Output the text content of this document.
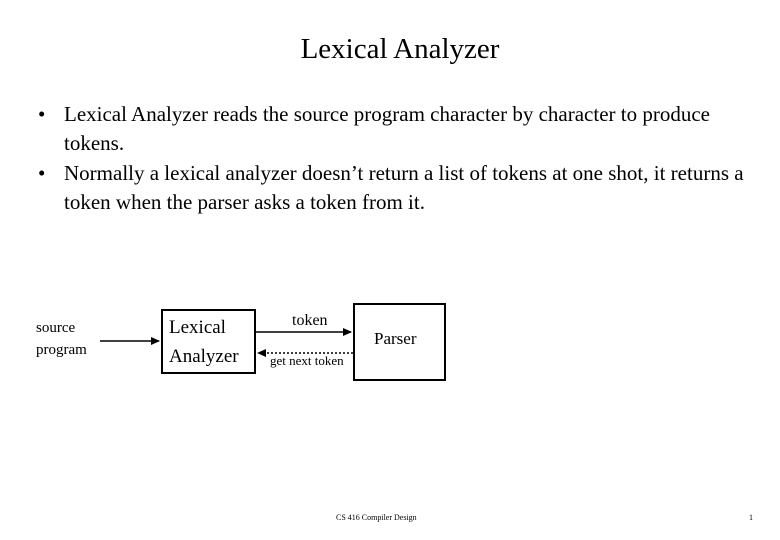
Lexical Analyzer
• Lexical Analyzer reads the source program character by character to produce tokens.
• Normally a lexical analyzer doesn’t return a list of tokens at one shot, it returns a token when the parser asks a token from it.
source
program
Lexical
Analyzer
token
get next token
Parser
CS 416 Compiler Design	1
